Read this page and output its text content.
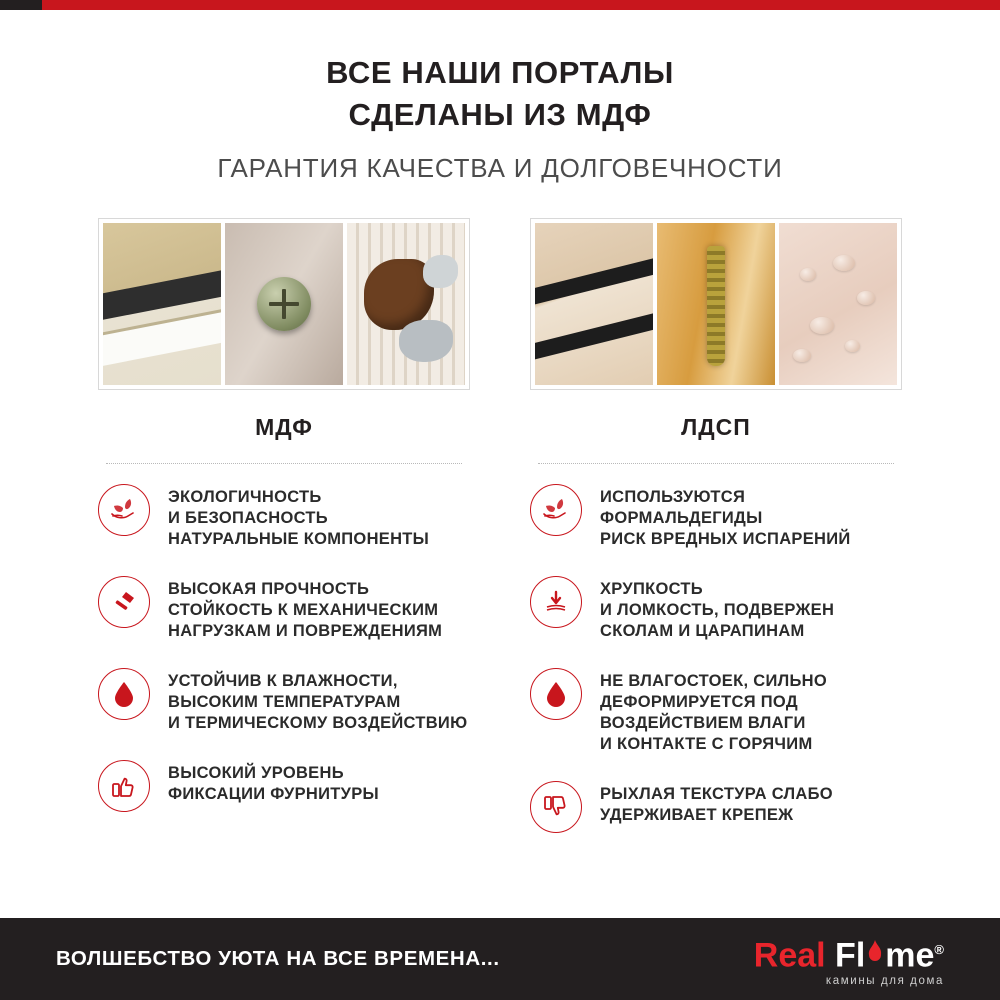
ВСЕ НАШИ ПОРТАЛЫ
СДЕЛАНЫ ИЗ МДФ
ГАРАНТИЯ КАЧЕСТВА И ДОЛГОВЕЧНОСТИ
МДФ
ЭКОЛОГИЧНОСТЬ
И БЕЗОПАСНОСТЬ
НАТУРАЛЬНЫЕ КОМПОНЕНТЫ
ВЫСОКАЯ ПРОЧНОСТЬ
СТОЙКОСТЬ К МЕХАНИЧЕСКИМ
НАГРУЗКАМ И ПОВРЕЖДЕНИЯМ
УСТОЙЧИВ К ВЛАЖНОСТИ,
ВЫСОКИМ ТЕМПЕРАТУРАМ
И ТЕРМИЧЕСКОМУ ВОЗДЕЙСТВИЮ
ВЫСОКИЙ УРОВЕНЬ
ФИКСАЦИИ ФУРНИТУРЫ
ЛДСП
ИСПОЛЬЗУЮТСЯ
ФОРМАЛЬДЕГИДЫ
РИСК ВРЕДНЫХ ИСПАРЕНИЙ
ХРУПКОСТЬ
И ЛОМКОСТЬ, ПОДВЕРЖЕН
СКОЛАМ И ЦАРАПИНАМ
НЕ ВЛАГОСТОЕК, СИЛЬНО
ДЕФОРМИРУЕТСЯ ПОД
ВОЗДЕЙСТВИЕМ ВЛАГИ
И КОНТАКТЕ С ГОРЯЧИМ
РЫХЛАЯ ТЕКСТУРА СЛАБО
УДЕРЖИВАЕТ КРЕПЕЖ
ВОЛШЕБСТВО УЮТА НА ВСЕ ВРЕМЕНА...	Real Fl me®
камины для дома
